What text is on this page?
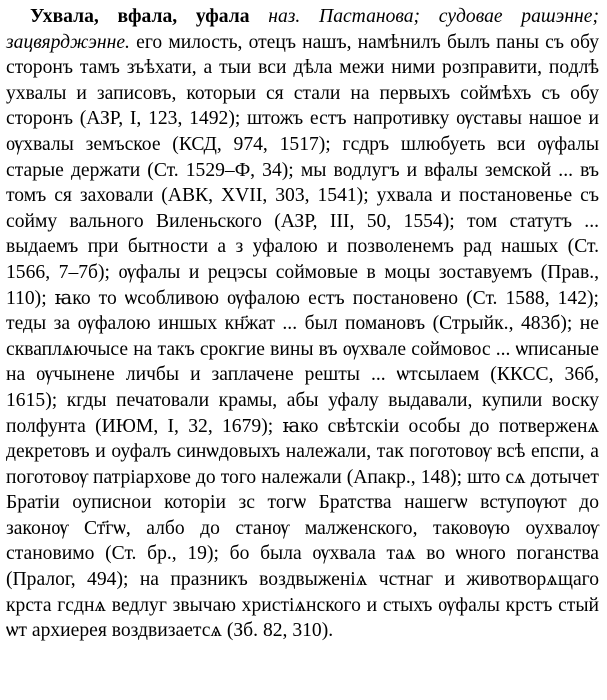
Ухвала, вфала, уфала наз. Пастанова; судовае рашэнне; зацвярджэнне. его милость, отецъ нашъ, намѣнилъ былъ паны съ обу сторонъ тамъ зъѣхати, а тыи вси дѣла межи ними розправити, подлѣ ухвалы и записовъ, которыи ся стали на первыхъ соймѣхъ съ обу сторонъ (АЗР, I, 123, 1492); штожъ естъ напротивку ѹставы нашое и ѹхвалы земъское (КСД, 974, 1517); гсдръ шлюбуеть вси ѹфалы старые держати (Ст. 1529–Ф, 34); мы водлугъ и вфалы земской ... въ томъ ся заховали (АВК, XVII, 303, 1541); ухвала и постановенье съ сойму вального Виленьского (АЗР, III, 50, 1554); том статутъ ... выдаемъ при бытности а з уфалою и позволенемъ рад нашых (Ст. 1566, 7–7б); ѹфалы и рецэсы соймовые в моцы зоставуемъ (Прав., 110); ꙗко то ѡсобливою ѹфалою естъ постановено (Ст. 1588, 142); теды за ѹфалою иншых кн҃жат ... был помановъ (Стрыйк., 483б); не скваплѧючысе на такъ срокгие вины въ ѹхвале соймовос ... ѡписаные на ѹчынене личбы и заплачене решты ... ѡтсылаем (ККСС, 36б, 1615); кгды печатовали крамы, абы уфалу выдавали, купили воску полфунта (ИЮМ, I, 32, 1679); ꙗко свѣтскіи особы до потверженѧ декретовъ и оуфалъ синѡдовыхъ належали, так поготовѹ всѣ епспи, а поготовѹ патріархове до того належали (Апакр., 148); што сѧ дотычет Братіи оуписнои которіи зс тогѡ Братства нашегѡ вступѹют до законѹ Ст҃гѡ, албо до станѹ малженского, таковѹю оухвалѹ становимо (Ст. бр., 19); бо была ѹхвала таѧ во ѡного поганства (Пралог, 494); на празникъ воздвыженіѧ чстнаг и животворѧщаго крста гсднѧ ведлуг звычаю христіѧнского и стыхъ ѹфалы крстъ стый ѡт архиерея воздвизаетсѧ (Зб. 82, 310).
